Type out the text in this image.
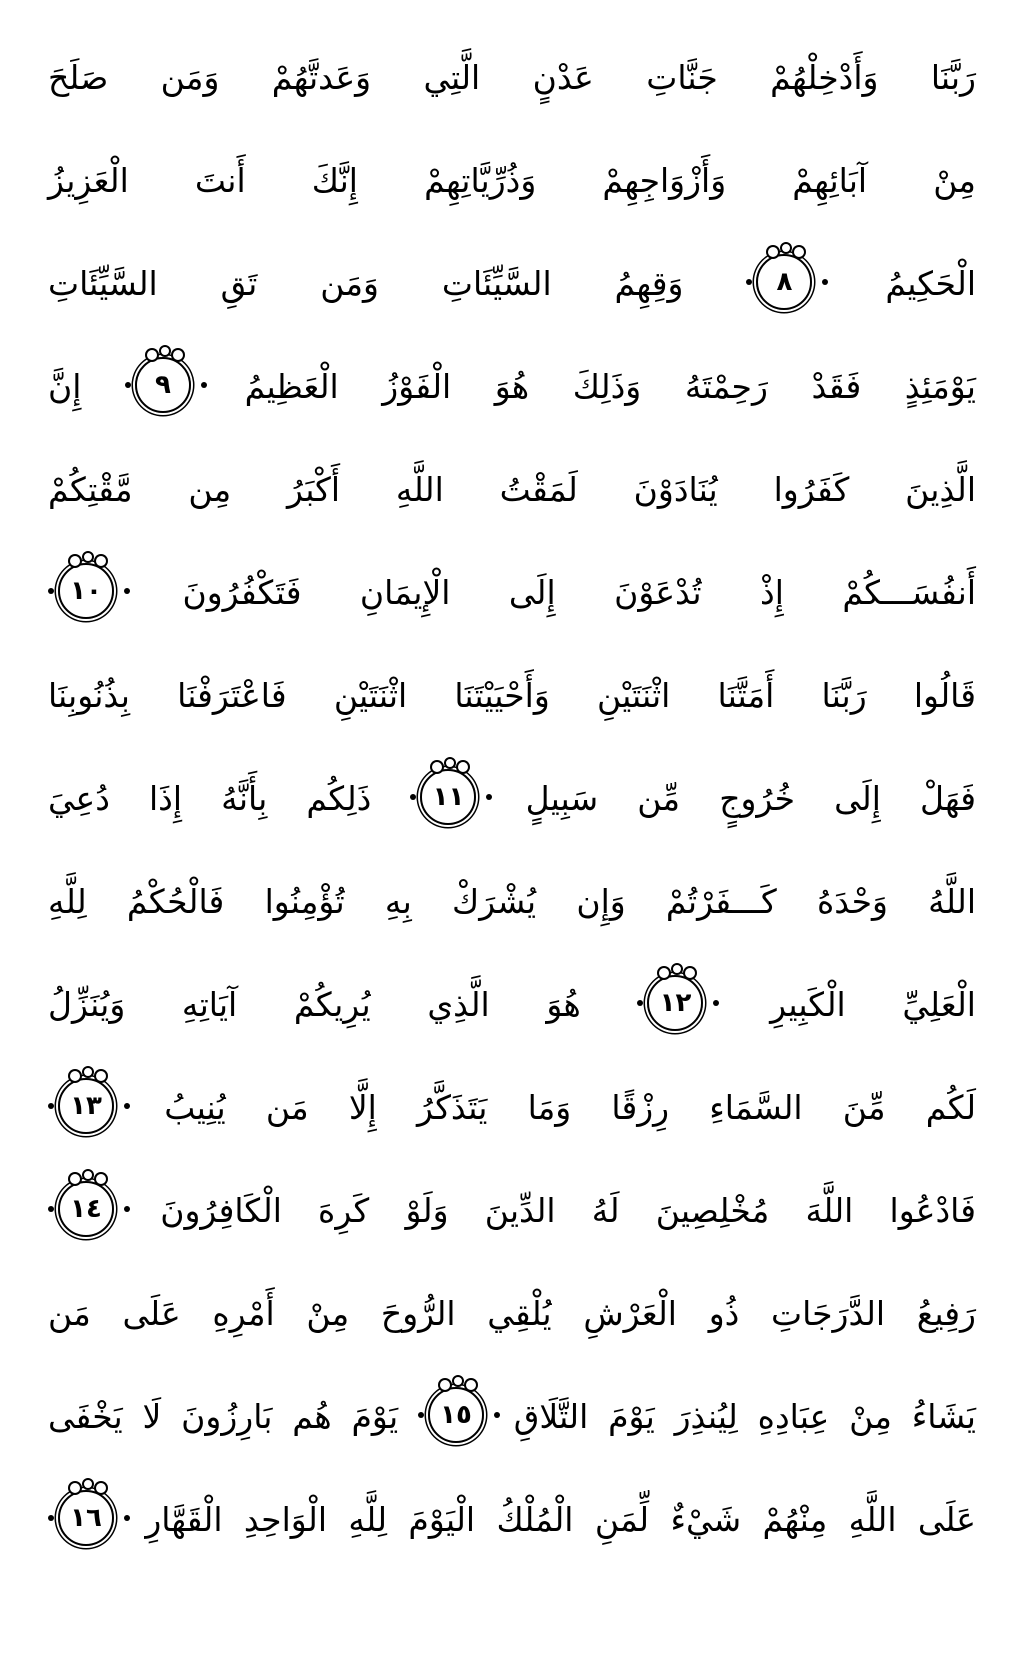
رَبَّنَا وَأَدْخِلْهُمْ جَنَّاتِ عَدْنٍ الَّتِي وَعَدتَّهُمْ وَمَن صَلَحَ
مِنْ آبَائِهِمْ وَأَزْوَاجِهِمْ وَذُرِّيَّاتِهِمْ إِنَّكَ أَنتَ الْعَزِيزُ
الْحَكِيمُ ٨ وَقِهِمُ السَّيِّئَاتِ وَمَن تَقِ السَّيِّئَاتِ
يَوْمَئِذٍ فَقَدْ رَحِمْتَهُ وَذَلِكَ هُوَ الْفَوْزُ الْعَظِيمُ ٩ إِنَّ
الَّذِينَ كَفَرُوا يُنَادَوْنَ لَمَقْتُ اللَّهِ أَكْبَرُ مِن مَّقْتِكُمْ
أَنفُسَـــكُمْ إِذْ تُدْعَوْنَ إِلَى الْإِيمَانِ فَتَكْفُرُونَ ١٠
قَالُوا رَبَّنَا أَمَتَّنَا اثْنَتَيْنِ وَأَحْيَيْتَنَا اثْنَتَيْنِ فَاعْتَرَفْنَا بِذُنُوبِنَا
فَهَلْ إِلَى خُرُوجٍ مِّن سَبِيلٍ ١١ ذَلِكُم بِأَنَّهُ إِذَا دُعِيَ
اللَّهُ وَحْدَهُ كَـــفَرْتُمْ وَإِن يُشْرَكْ بِهِ تُؤْمِنُوا فَالْحُكْمُ لِلَّهِ
الْعَلِيِّ الْكَبِيرِ ١٢ هُوَ الَّذِي يُرِيكُمْ آيَاتِهِ وَيُنَزِّلُ
لَكُم مِّنَ السَّمَاءِ رِزْقًا وَمَا يَتَذَكَّرُ إِلَّا مَن يُنِيبُ ١٣
فَادْعُوا اللَّهَ مُخْلِصِينَ لَهُ الدِّينَ وَلَوْ كَرِهَ الْكَافِرُونَ ١٤
رَفِيعُ الدَّرَجَاتِ ذُو الْعَرْشِ يُلْقِي الرُّوحَ مِنْ أَمْرِهِ عَلَى مَن
يَشَاءُ مِنْ عِبَادِهِ لِيُنذِرَ يَوْمَ التَّلَاقِ ١٥ يَوْمَ هُم بَارِزُونَ لَا يَخْفَى
عَلَى اللَّهِ مِنْهُمْ شَيْءٌ لِّمَنِ الْمُلْكُ الْيَوْمَ لِلَّهِ الْوَاحِدِ الْقَهَّارِ ١٦
